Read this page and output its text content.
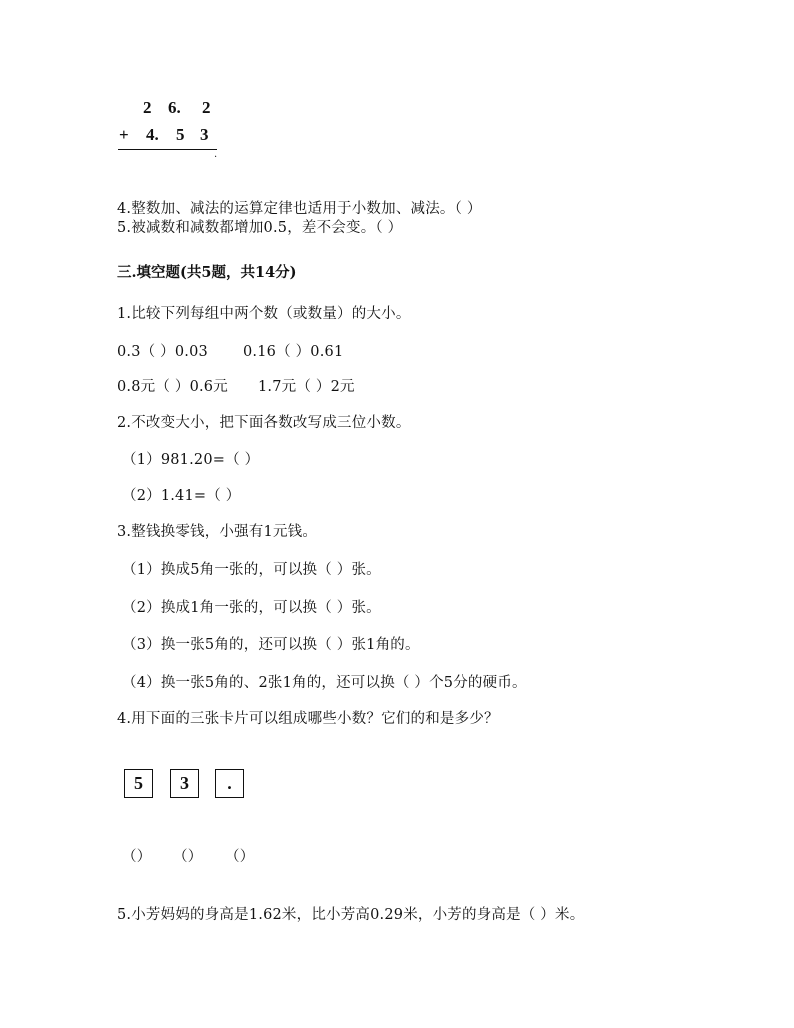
2 6. 2
+ 4. 5 3
.
4.整数加、减法的运算定律也适用于小数加、减法。（ ）
5.被减数和减数都增加0.5，差不会变。（ ）
三.填空题(共5题，共14分)
1.比较下列每组中两个数（或数量）的大小。
0.3（ ）0.03 0.16（ ）0.61
0.8元（ ）0.6元 1.7元（ ）2元
2.不改变大小，把下面各数改写成三位小数。
（1）981.20=（ ）
（2）1.41=（ ）
3.整钱换零钱，小强有1元钱。
（1）换成5角一张的，可以换（ ）张。
（2）换成1角一张的，可以换（ ）张。
（3）换一张5角的，还可以换（ ）张1角的。
（4）换一张5角的、2张1角的，还可以换（ ）个5分的硬币。
4.用下面的三张卡片可以组成哪些小数？它们的和是多少？
5	3	.
（） （） （）
5.小芳妈妈的身高是1.62米，比小芳高0.29米，小芳的身高是（ ）米。
